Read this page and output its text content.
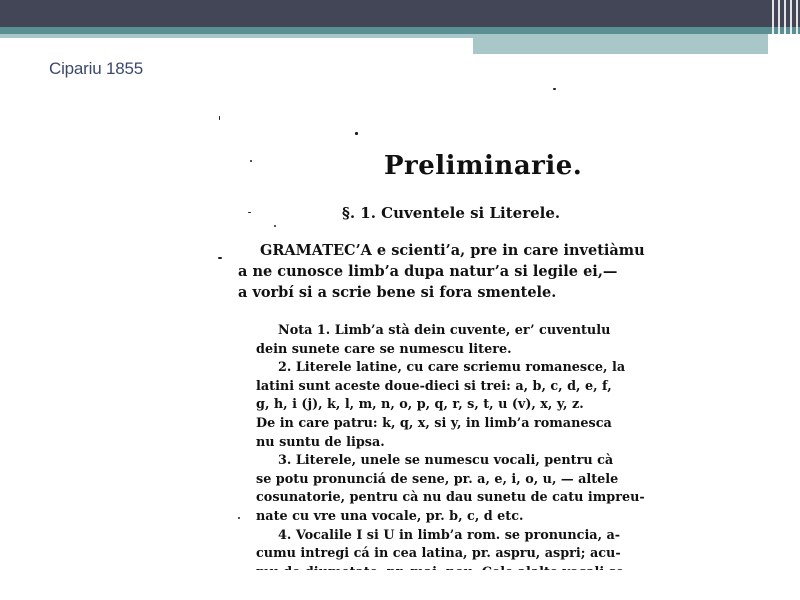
Cipariu 1855
Preliminarie.
§. 1. Cuventele si Literele.
GRAMATEC’A e scienti’a, pre in care invetiàmu
a ne cunosce limb’a dupa natur’a si legile ei,—
a vorbí si a scrie bene si fora smentele.
Nota 1. Limb’a stà dein cuvente, er’ cuventulu
dein sunete care se numescu litere.
2. Literele latine, cu care scriemu romanesce, la
latini sunt aceste doue-dieci si trei: a, b, c, d, e, f,
g, h, i (j), k, l, m, n, o, p, q, r, s, t, u (v), x, y, z.
De in care patru: k, q, x, si y, in limb’a romanesca
nu suntu de lipsa.
3. Literele, unele se numescu vocali, pentru cà
se potu pronunciá de sene, pr. a, e, i, o, u, — altele
cosunatorie, pentru cà nu dau sunetu de catu impreu-
nate cu vre una vocale, pr. b, c, d etc.
4. Vocalile I si U in limb’a rom. se pronuncia, a-
cumu intregi cá in cea latina, pr. aspru, aspri; acu-
